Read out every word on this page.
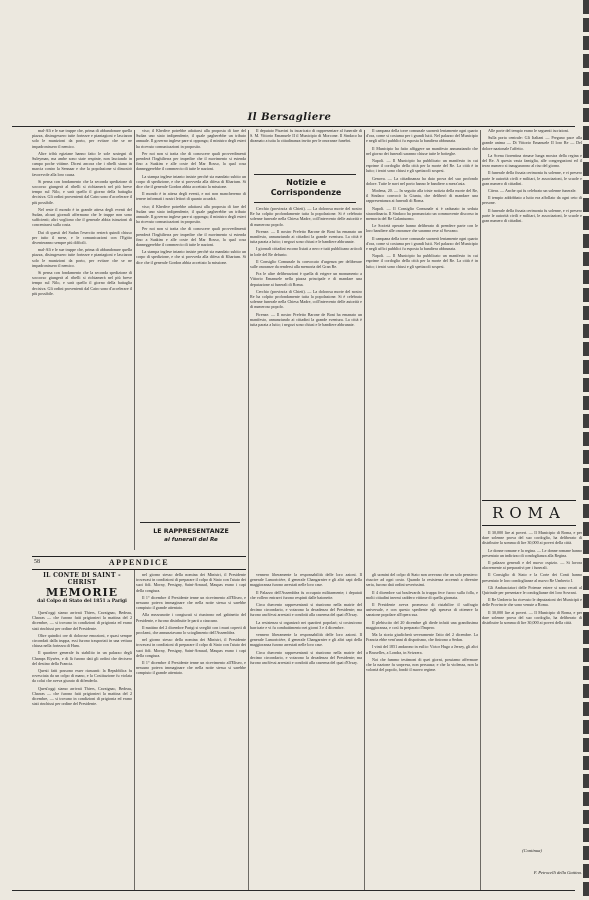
Il Bersagliere

mal-Alì e le sue truppe che, prima di abbandonare quella piazza, distrugessero tutte fortezze e piantagioni e lasciaron solo le munizioni da porto, per evitare che se ne impadronissero il nemico.

Altre tribù egiziane hanno fatto le sole sostegni di Suleyman, ma ambe sono state respinte, non lasciando in campo poche vittime. Dicesi ancora che i ribelli siano in marcia contro la Sennaar e che la popolazione si dimostrò favorevole alla loro causa.

Si pensa con fondamento che la seconda spedizione di soccorso giungerà al ribelli si richiamerà nel più breve tempo sul Nilo, e sarà quello il giorno della battaglia decisiva. Gli ordini provenienti dal Cairo sono d'accelerare il più possibile.

Nel reste il mondo è in grande attesa degli eventi del Sudan, alcuni giornali affermano che le truppe non sono sufficienti; altri vogliono che il generale abbia istruzioni di concentrarsi sulla costa.

Dai di questi del Sudan l'esercito resterà quindi chiuso per tutto il mese, e le comunicazioni con l'Egitto diventeranno sempre più difficili.

mal-Alì e le sue truppe che, prima di abbandonare quella piazza, distrugessero tutte fortezze e piantagioni e lasciaron solo le munizioni da porto, per evitare che se ne impadronissero il nemico.

Si pensa con fondamento che la seconda spedizione di soccorso giungerà al ribelli si richiamerà nel più breve tempo sul Nilo, e sarà quello il giorno della battaglia decisiva. Gli ordini provenienti dal Cairo sono d'accelerare il più possibile.

viso; il Khedive potrebbe adattarsi alla proposta di fare del Sudan uno stato indipendente, il quale pagherebbe un tributo annuale. Il governo inglese pare si opponga; il ministro degli esteri ha ricevuto comunicazioni in proposito.

Per noi non si tratta che di conoscere quali provvedimenti prenderà l'Inghilterra per impedire che il movimento si estenda fino a Suakim e alle coste del Mar Rosso, la qual cosa danneggerebbe il commercio di tutte le nazioni.

La stampa inglese intanto insiste perchè sia mandato subito un corpo di spedizione, e che si provveda alla difesa di Khartum. Si dice che il generale Gordon abbia accettato la missione.

Il mondo è in attesa degli eventi, e noi non mancheremo di tenere informati i nostri lettori di quanto accadrà.

viso; il Khedive potrebbe adattarsi alla proposta di fare del Sudan uno stato indipendente, il quale pagherebbe un tributo annuale. Il governo inglese pare si opponga; il ministro degli esteri ha ricevuto comunicazioni in proposito.

Per noi non si tratta che di conoscere quali provvedimenti prenderà l'Inghilterra per impedire che il movimento si estenda fino a Suakim e alle coste del Mar Rosso, la qual cosa danneggerebbe il commercio di tutte le nazioni.

La stampa inglese intanto insiste perchè sia mandato subito un corpo di spedizione, e che si provveda alla difesa di Khartum. Si dice che il generale Gordon abbia accettato la missione.

LE RAPPRESENTANZE
ai funerali del Re

Il deputato Pisavini fu incaricato di rappresentare al funerale di S. M. Vittorio Emanuele II il Municipio di Morcone. Il Sindaco ha diramato a tutta la cittadinanza invito per le onoranze funebri.

Notizie e Corrispondenze

Cerchio (provincia di Chieti). — La dolorosa morte del nostro Re ha colpito profondamente tutta la popolazione. Si è celebrato solenne funerale nella Chiesa Madre, coll'intervento delle autorità e di numeroso popolo.

Firenze. — Il nostro Prefetto Barone de Boni ha emanato un manifesto, annunziando ai cittadini la grande sventura. La città è tutta parata a lutto; i negozi sono chiusi e le bandiere abbrunate.

I giornali cittadini escono listati a nero e tutti pubblicano articoli in lode del Re defunto.

Il Consiglio Comunale fu convocato d'urgenza per deliberare sulle onoranze da rendersi alla memoria del Gran Re.

Fra le altre deliberazioni è quella di erigere un monumento a Vittorio Emanuele nella piazza principale e di mandare una deputazione ai funerali di Roma.

Cerchio (provincia di Chieti). — La dolorosa morte del nostro Re ha colpito profondamente tutta la popolazione. Si è celebrato solenne funerale nella Chiesa Madre, coll'intervento delle autorità e di numeroso popolo.

Firenze. — Il nostro Prefetto Barone de Boni ha emanato un manifesto, annunziando ai cittadini la grande sventura. La città è tutta parata a lutto; i negozi sono chiusi e le bandiere abbrunate.

Il campana della torre comunale suonerà lentamente ogni quarto d'ora, come si costuma per i grandi lutti. Nel palazzo del Municipio e negli uffici pubblici fu esposta la bandiera abbrunata.

Il Municipio ha fatto affiggere un manifesto annunziando che nel giorno dei funerali saranno chiuse tutte le botteghe.

Napoli. — Il Municipio ha pubblicato un manifesto in cui esprime il cordoglio della città per la morte del Re. La città è in lutto; i teatri sono chiusi e gli spettacoli sospesi.

Genova. — La cittadinanza ha dato prova del suo profondo dolore. Tutte le navi nel porto hanno le bandiere a mezz'asta.

Modena, 20. — In seguito alla triste notizia della morte del Re, il Sindaco convocò la Giunta, che deliberò di mandare una rappresentanza ai funerali di Roma.

Napoli. — Il Consiglio Comunale si è radunato in seduta straordinaria. Il Sindaco ha pronunciato un commovente discorso in memoria del Re Galantuomo.

Le Società operaie hanno deliberato di prendere parte con le loro bandiere alle onoranze che saranno rese al Sovrano.

Il campana della torre comunale suonerà lentamente ogni quarto d'ora, come si costuma per i grandi lutti. Nel palazzo del Municipio e negli uffici pubblici fu esposta la bandiera abbrunata.

Napoli. — Il Municipio ha pubblicato un manifesto in cui esprime il cordoglio della città per la morte del Re. La città è in lutto; i teatri sono chiusi e gli spettacoli sospesi.

Alle porte del tempio erano le seguenti iscrizioni.

Sulla porta centrale: Gli Italiani — Pregano pace alla grande anima — Di Vittorio Emanuele II loro Re — Del dolore nazionale l'affetto.

La Scena fiorentina rimase lunga mostra della regina e del Re. A questa vasta famiglia, alle congregazioni ed il terzo numero si inaugurarono al riso del giorno.

Il funerale della fissata cerimonia fu solenne, e vi presero parte le autorità civili e militari, le associazioni, le scuole e gran numero di cittadini.

Citera. — Anche qui fu celebrato un solenne funerale.

Il tempio addobbato a lutto era affollato da ogni ceto di persone.

Il funerale della fissata cerimonia fu solenne, e vi presero parte le autorità civili e militari, le associazioni, le scuole e gran numero di cittadini.

ROMA

Il 30,000 lire ai poveri. — Il Municipio di Roma, e per dare solenne prova del suo cordoglio, ha deliberato di distribuire la somma di lire 30,000 ai poveri della città.

Le donne romane e la regina. — Le donne romane hanno presentato un indirizzo di condoglianza alla Regina.

Il palazzo generali e del nuovo ospizio. — Si lavora alacremente ai preparativi per i funerali.

Il Consiglio di Stato e la Corte dei Conti hanno presentato le loro condoglianze al nuovo Re Umberto I.

Gli Ambasciatori delle Potenze estere si sono recati al Quirinale per presentare le condoglianze dei loro Sovrani.

Il Re Umberto ha ricevuto le deputazioni dei Municipii e delle Provincie che sono venute a Roma.

Il 30,000 lire ai poveri. — Il Municipio di Roma, e per dare solenne prova del suo cordoglio, ha deliberato di distribuire la somma di lire 30,000 ai poveri della città.

(Continua)
F. Petrocelli della Gattina.
58	APPENDICE
IL CONTE DI SAINT - CHRIST
MEMORIE
dal Colpo di Stato del 1851 a Parigi

Quest'oggi siamo arrivati Thiers, Cavaignac, Bedeau, Charras — che furono fatti prigionieri la mattina del 2 dicembre, — si trovano in condizioni di prigionia ed erano stati rinchiusi per ordine del Presidente.

Oltre quindici ore di dolorose emozioni, e quasi sempre circondati dalla truppa, essi furono trasportati in una vettura chiusa nella fortezza di Ham.

Il quartiere generale fu stabilito in un palazzo degli Champs Elysées, e di là furono dati gli ordini che decisero del destino della Francia.

Questi fatti possono esser riassunti: la Repubblica fu rovesciata da un colpo di mano, e la Costituzione fu violata da colui che aveva giurato di difenderla.

Quest'oggi siamo arrivati Thiers, Cavaignac, Bedeau, Charras — che furono fatti prigionieri la mattina del 2 dicembre, — si trovano in condizioni di prigionia ed erano stati rinchiusi per ordine del Presidente.

nel giorno stesso della nomina dei Ministri, il Presidente trovavasi in condizioni di preparare il colpo di Stato con l'aiuto dei suoi fidi. Morny, Persigny, Saint-Arnaud, Maupas erano i capi della congiura.

Il 1° dicembre il Presidente tenne un ricevimento all'Eliseo, e nessuno poteva immaginare che nella notte stessa si sarebbe compiuto il grande attentato.

Alla mezzanotte i congiurati si riunirono nel gabinetto del Presidente, e furono distribuite le parti a ciascuno.

Il mattino del 2 dicembre Parigi si svegliò con i muri coperti di proclami, che annunziavano lo scioglimento dell'Assemblea.

nel giorno stesso della nomina dei Ministri, il Presidente trovavasi in condizioni di preparare il colpo di Stato con l'aiuto dei suoi fidi. Morny, Persigny, Saint-Arnaud, Maupas erano i capi della congiura.

Il 1° dicembre il Presidente tenne un ricevimento all'Eliseo, e nessuno poteva immaginare che nella notte stessa si sarebbe compiuto il grande attentato.

vennero liberamente la responsabilità delle loro azioni. Il generale Lamoricière, il generale Changarnier e gli altri capi della maggioranza furono arrestati nelle loro case.

Il Palazzo dell'Assemblea fu occupato militarmente; i deputati che vollero entrarvi furono respinti dalle baionette.

Circa duecento rappresentanti si riunirono nella mairie del decimo circondario, e votarono la decadenza del Presidente; ma furono anch'essi arrestati e condotti alla caserma del quai d'Orsay.

La resistenza si organizzò nei quartieri popolari; si costruirono barricate e vi fu combattimento nei giorni 3 e 4 dicembre.

vennero liberamente la responsabilità delle loro azioni. Il generale Lamoricière, il generale Changarnier e gli altri capi della maggioranza furono arrestati nelle loro case.

Circa duecento rappresentanti si riunirono nella mairie del decimo circondario, e votarono la decadenza del Presidente; ma furono anch'essi arrestati e condotti alla caserma del quai d'Orsay.

gli uomini del colpo di Stato non avevano che un solo pensiero: riuscire ad ogni costo. Quando la resistenza accennò a divenire seria, furono dati ordini severissimi.

Il 4 dicembre sui boulevards la truppa fece fuoco sulla folla, e molti cittadini inermi caddero vittime di quella giornata.

Il Presidente aveva promesso di ristabilire il suffragio universale, e con questo spediente egli sperava di ottenere la sanzione popolare all'opera sua.

Il plebiscito del 20 dicembre gli diede infatti una grandissima maggioranza, e così fu preparato l'Impero.

Ma la storia giudicherà severamente l'atto del 2 dicembre. La Francia ebbe vent'anni di dispotismo, che finirono a Sedan.

I vinti del 1851 andarono in esilio: Victor Hugo a Jersey, gli altri a Bruxelles, a Londra, in Svizzera.

Noi che fummo testimoni di quei giorni, possiamo affermare che la nazione fu sorpresa, non persuasa; e che la violenza, non la volontà del popolo, fondò il nuovo regime.
